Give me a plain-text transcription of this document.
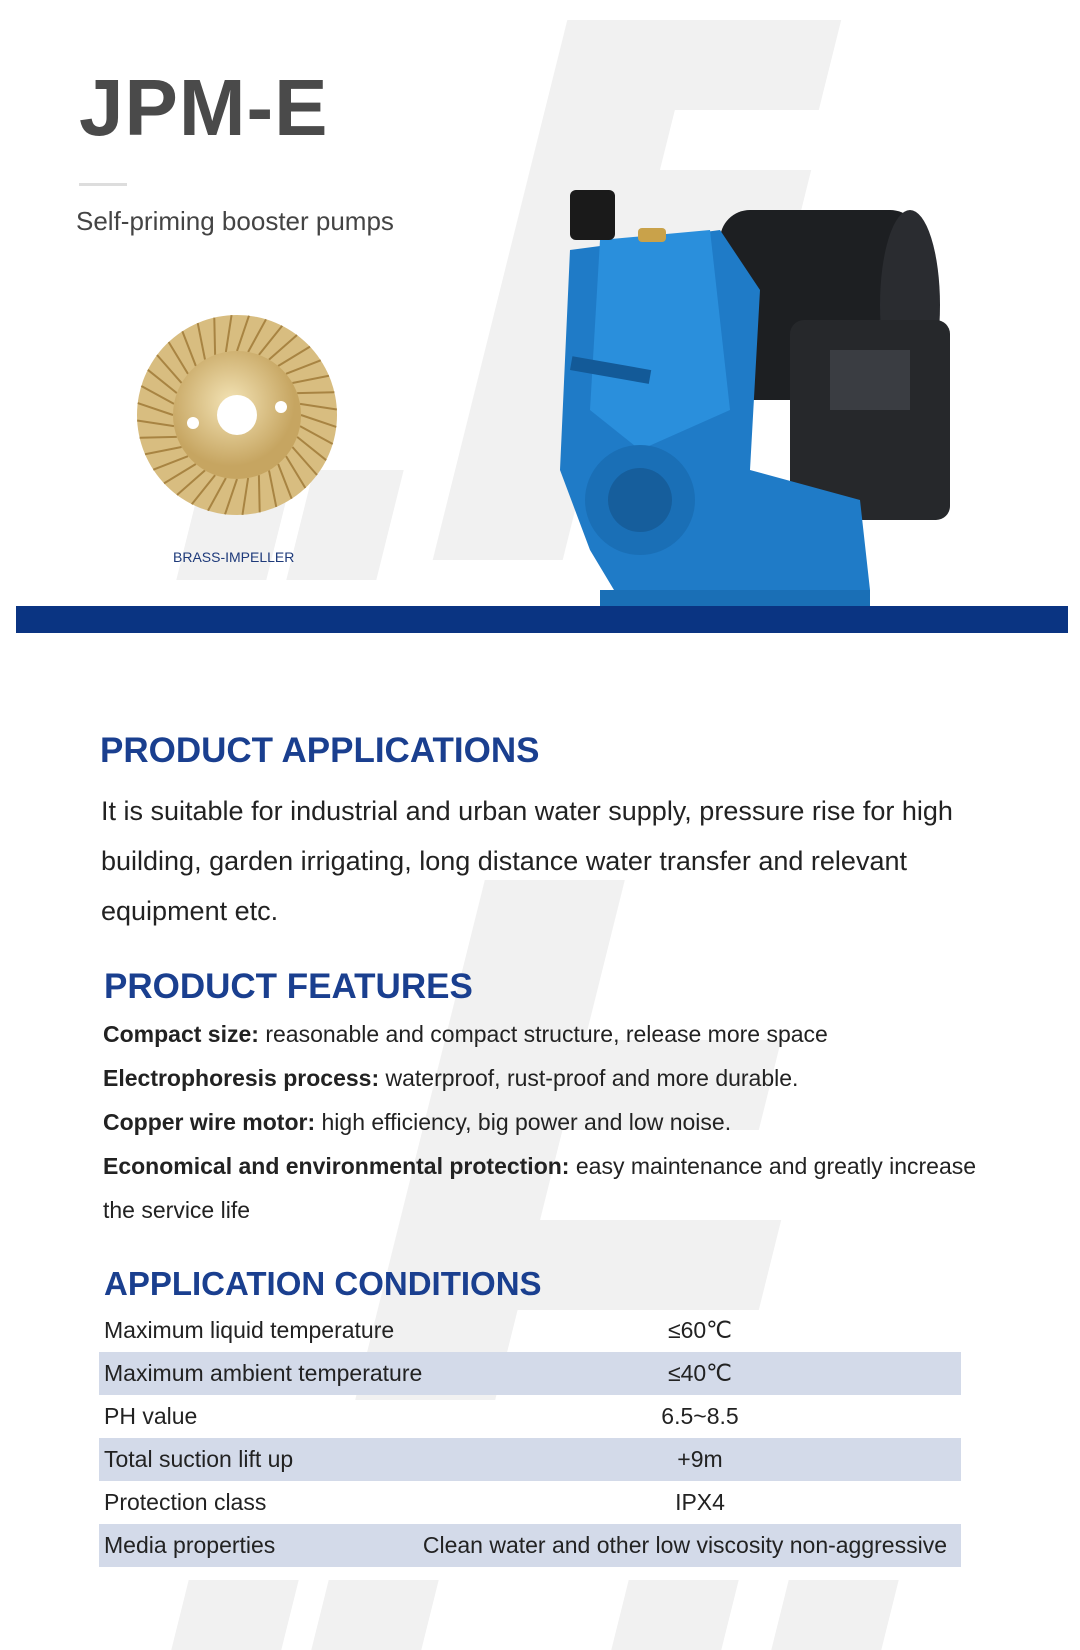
JPM-E
Self-priming booster pumps
BRASS-IMPELLER
PRODUCT APPLICATIONS
It is suitable for industrial and urban water supply, pressure rise for high building, garden irrigating, long distance water transfer and relevant equipment etc.
PRODUCT FEATURES
Compact size: reasonable and compact structure, release more space
Electrophoresis process: waterproof, rust-proof and more durable.
Copper wire motor: high efficiency, big power and low noise.
Economical and environmental protection: easy maintenance and greatly increase the service life
APPLICATION CONDITIONS
Maximum liquid temperature	≤60℃
Maximum ambient temperature	≤40℃
PH value	6.5~8.5
Total suction lift up	+9m
Protection class	IPX4
Media properties	Clean water and other low viscosity non-aggressive
